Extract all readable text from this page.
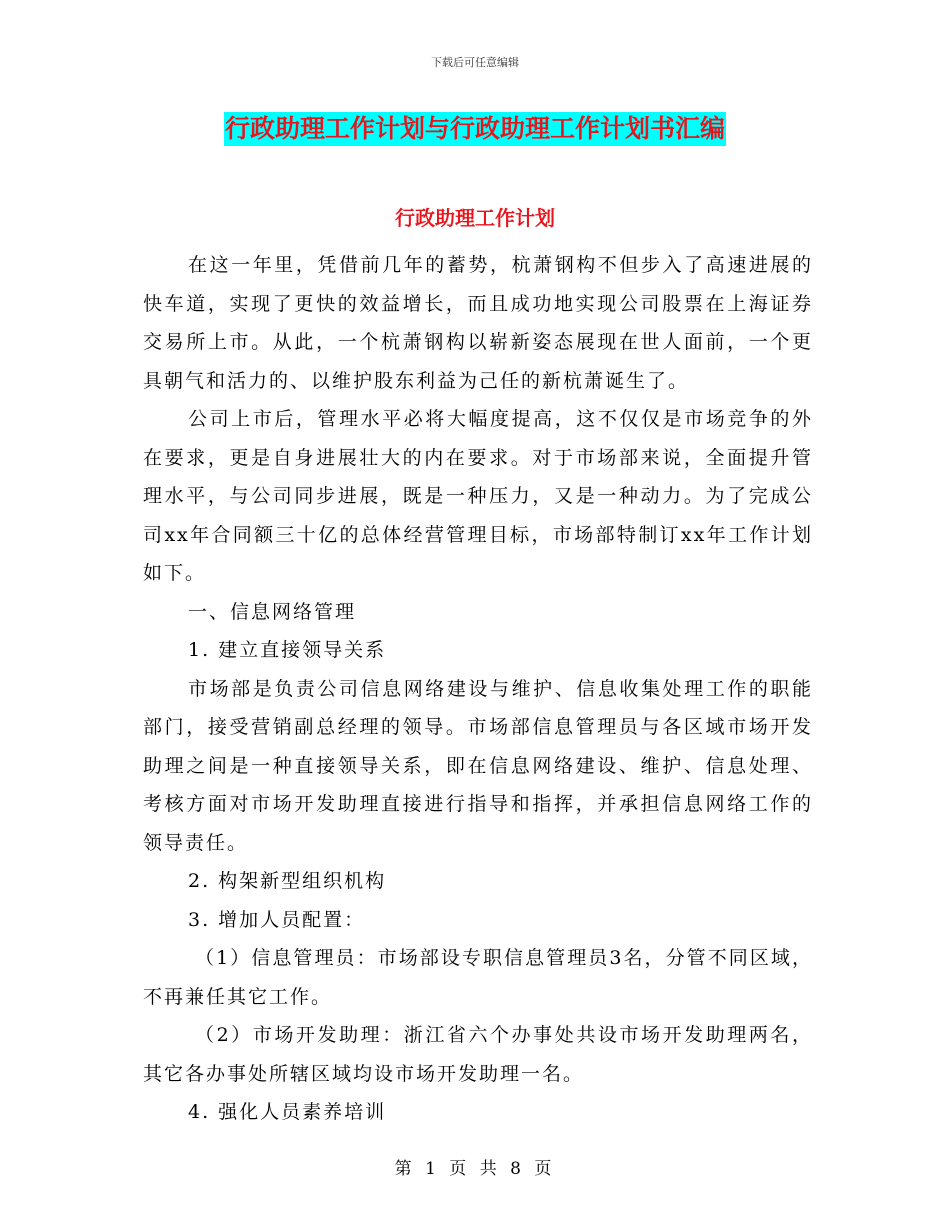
下载后可任意编辑
行政助理工作计划与行政助理工作计划书汇编
行政助理工作计划

在这一年里，凭借前几年的蓄势，杭萧钢构不但步入了高速进展的快车道，实现了更快的效益增长，而且成功地实现公司股票在上海证券交易所上市。从此，一个杭萧钢构以崭新姿态展现在世人面前，一个更具朝气和活力的、以维护股东利益为己任的新杭萧诞生了。

公司上市后，管理水平必将大幅度提高，这不仅仅是市场竞争的外在要求，更是自身进展壮大的内在要求。对于市场部来说，全面提升管理水平，与公司同步进展，既是一种压力，又是一种动力。为了完成公司xx年合同额三十亿的总体经营管理目标，市场部特制订xx年工作计划如下。

一、信息网络管理

1. 建立直接领导关系

市场部是负责公司信息网络建设与维护、信息收集处理工作的职能部门，接受营销副总经理的领导。市场部信息管理员与各区域市场开发助理之间是一种直接领导关系，即在信息网络建设、维护、信息处理、考核方面对市场开发助理直接进行指导和指挥，并承担信息网络工作的领导责任。

2. 构架新型组织机构

3. 增加人员配置：

（1）信息管理员：市场部设专职信息管理员3名，分管不同区域，不再兼任其它工作。

（2）市场开发助理：浙江省六个办事处共设市场开发助理两名，其它各办事处所辖区域均设市场开发助理一名。

4. 强化人员素养培训

第 1 页 共 8 页
